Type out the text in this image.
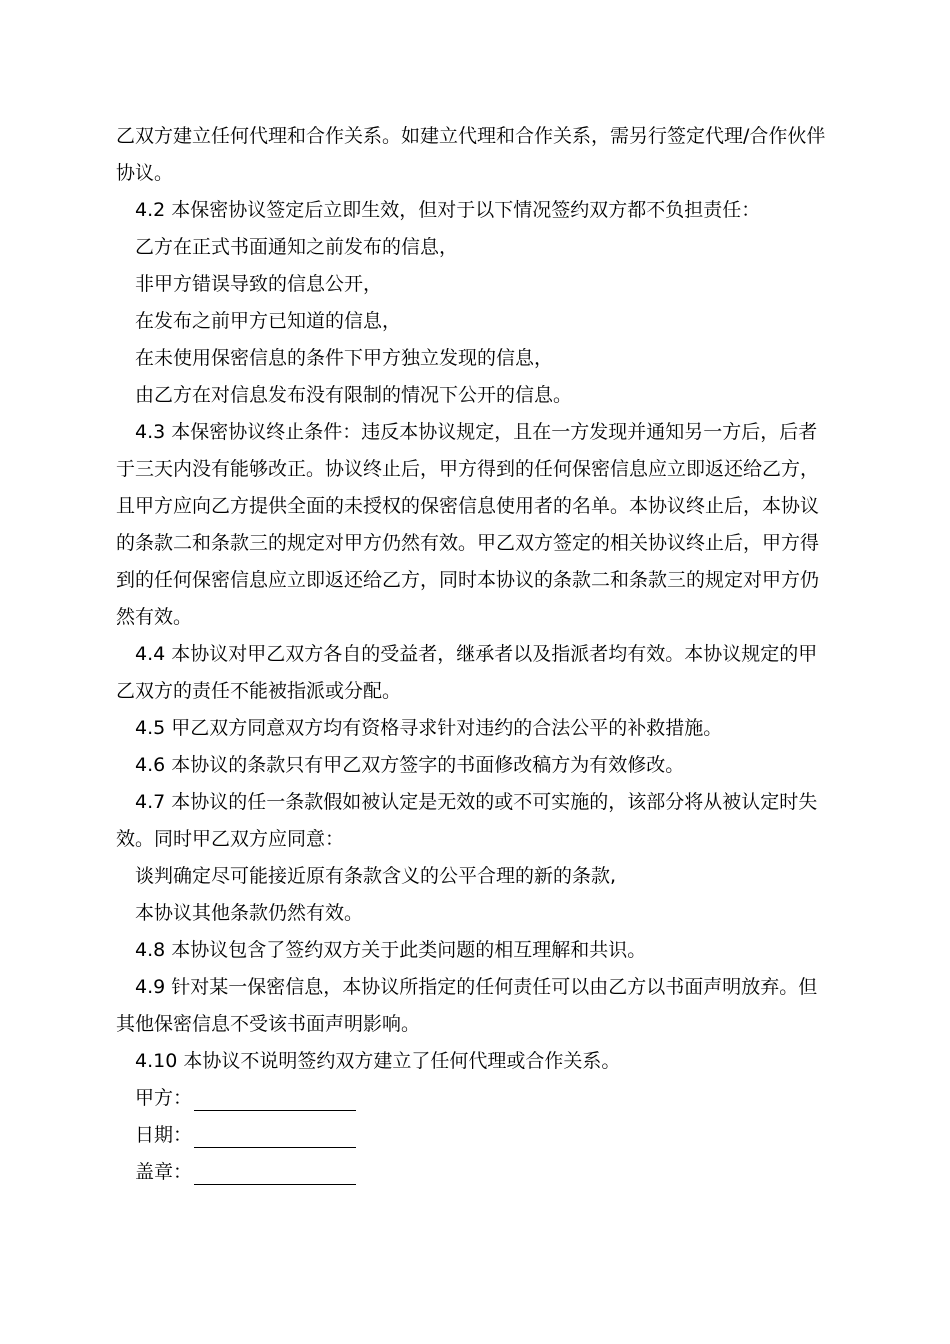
乙双方建立任何代理和合作关系。如建立代理和合作关系，需另行签定代理/合作伙伴
协议。

4.2 本保密协议签定后立即生效，但对于以下情况签约双方都不负担责任：

乙方在正式书面通知之前发布的信息，

非甲方错误导致的信息公开，

在发布之前甲方已知道的信息，

在未使用保密信息的条件下甲方独立发现的信息，

由乙方在对信息发布没有限制的情况下公开的信息。

4.3 本保密协议终止条件：违反本协议规定，且在一方发现并通知另一方后，后者

于三天内没有能够改正。协议终止后，甲方得到的任何保密信息应立即返还给乙方，
且甲方应向乙方提供全面的未授权的保密信息使用者的名单。本协议终止后，本协议
的条款二和条款三的规定对甲方仍然有效。甲乙双方签定的相关协议终止后，甲方得
到的任何保密信息应立即返还给乙方，同时本协议的条款二和条款三的规定对甲方仍
然有效。

4.4 本协议对甲乙双方各自的受益者，继承者以及指派者均有效。本协议规定的甲

乙双方的责任不能被指派或分配。

4.5 甲乙双方同意双方均有资格寻求针对违约的合法公平的补救措施。

4.6 本协议的条款只有甲乙双方签字的书面修改稿方为有效修改。

4.7 本协议的任一条款假如被认定是无效的或不可实施的，该部分将从被认定时失

效。同时甲乙双方应同意：

谈判确定尽可能接近原有条款含义的公平合理的新的条款,

本协议其他条款仍然有效。

4.8 本协议包含了签约双方关于此类问题的相互理解和共识。

4.9 针对某一保密信息，本协议所指定的任何责任可以由乙方以书面声明放弃。但

其他保密信息不受该书面声明影响。

4.10 本协议不说明签约双方建立了任何代理或合作关系。

甲方：
日期：
盖章：
